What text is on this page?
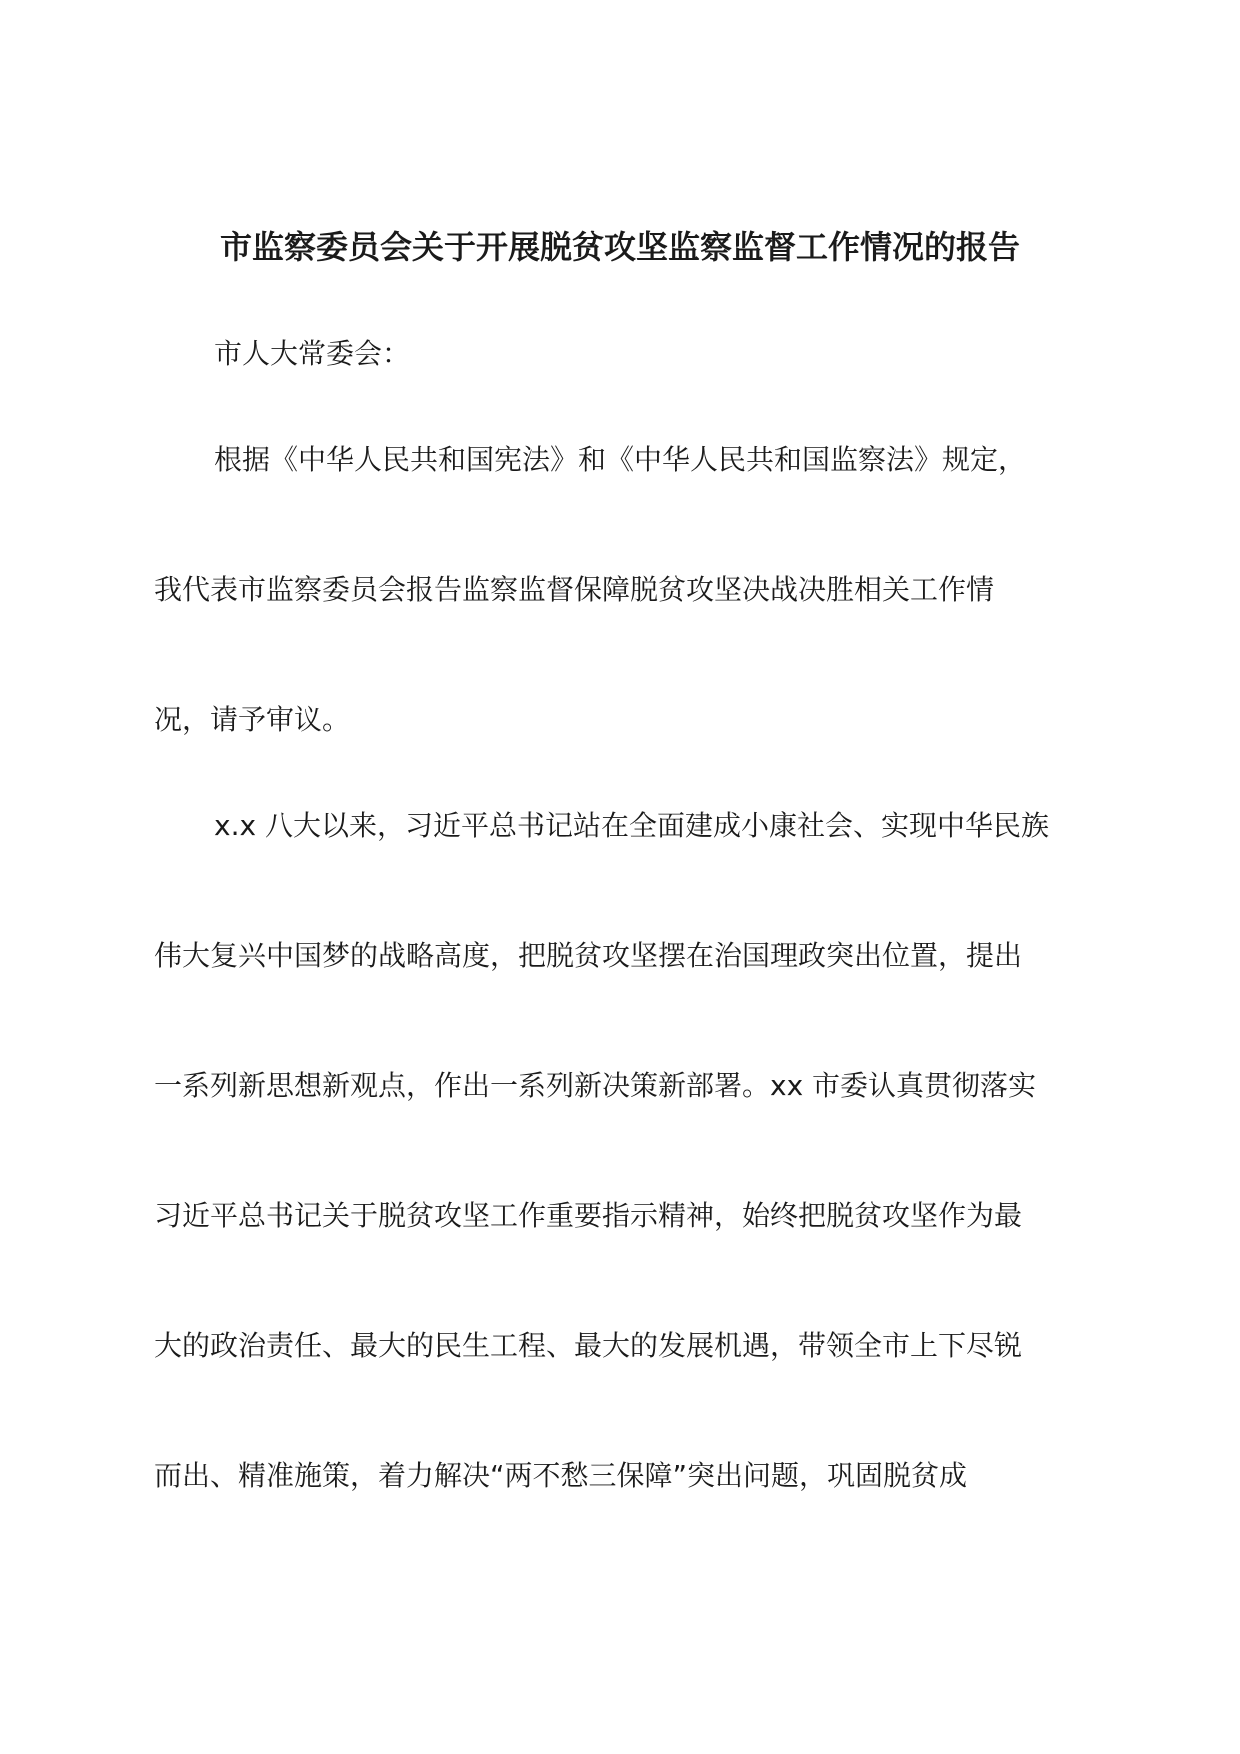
市监察委员会关于开展脱贫攻坚监察监督工作情况的报告
市人大常委会：
根据《中华人民共和国宪法》和《中华人民共和国监察法》规定，
我代表市监察委员会报告监察监督保障脱贫攻坚决战决胜相关工作情
况，请予审议。
x.x 八大以来，习近平总书记站在全面建成小康社会、实现中华民族
伟大复兴中国梦的战略高度，把脱贫攻坚摆在治国理政突出位置，提出
一系列新思想新观点，作出一系列新决策新部署。xx 市委认真贯彻落实
习近平总书记关于脱贫攻坚工作重要指示精神，始终把脱贫攻坚作为最
大的政治责任、最大的民生工程、最大的发展机遇，带领全市上下尽锐
而出、精准施策，着力解决“两不愁三保障”突出问题，巩固脱贫成
